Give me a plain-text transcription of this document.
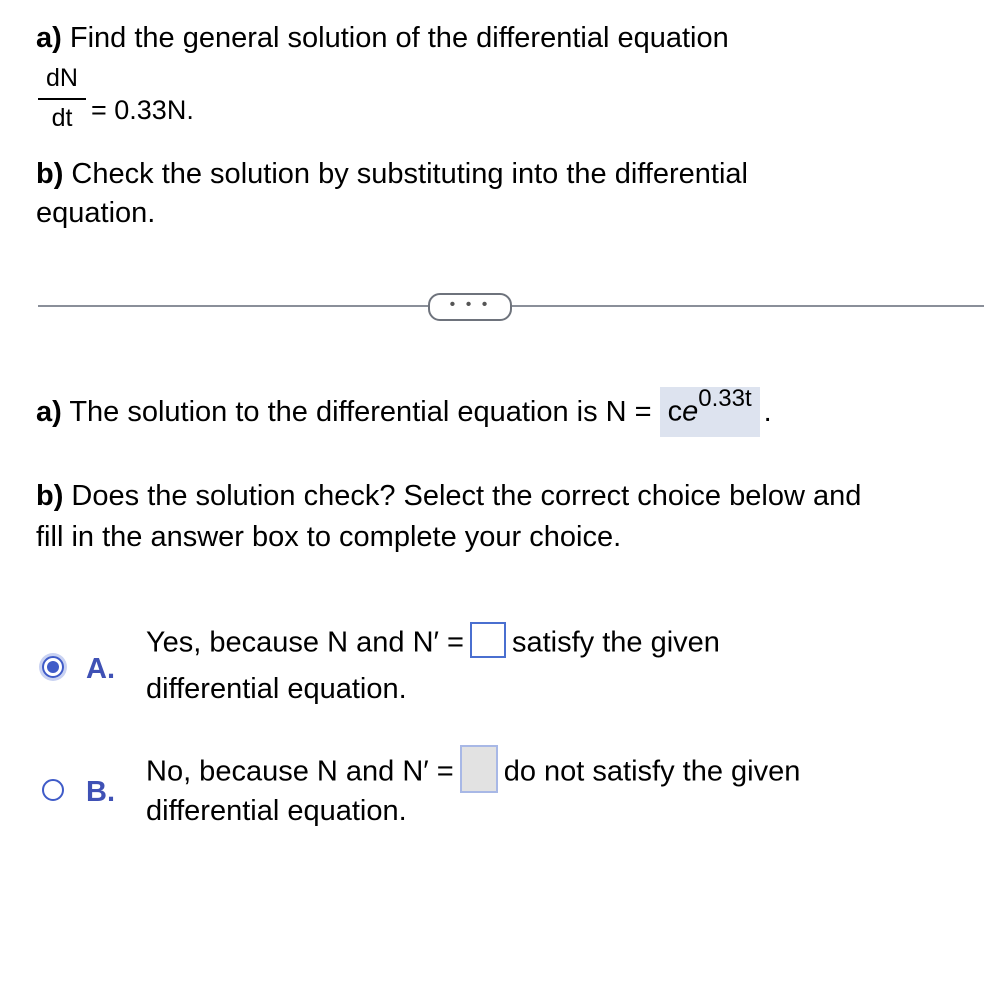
a) Find the general solution of the differential equation
dN
dt = 0.33N.
b) Check the solution by substituting into the differential
equation.
• • •
a) The solution to the differential equation is $N = ce^{0.33t}$ .
b) Does the solution check? Select the correct choice below and
fill in the answer box to complete your choice.
A.
Yes, because N and N′ = satisfy the given
differential equation.
B.
No, because N and N′ = do not satisfy the given
differential equation.
